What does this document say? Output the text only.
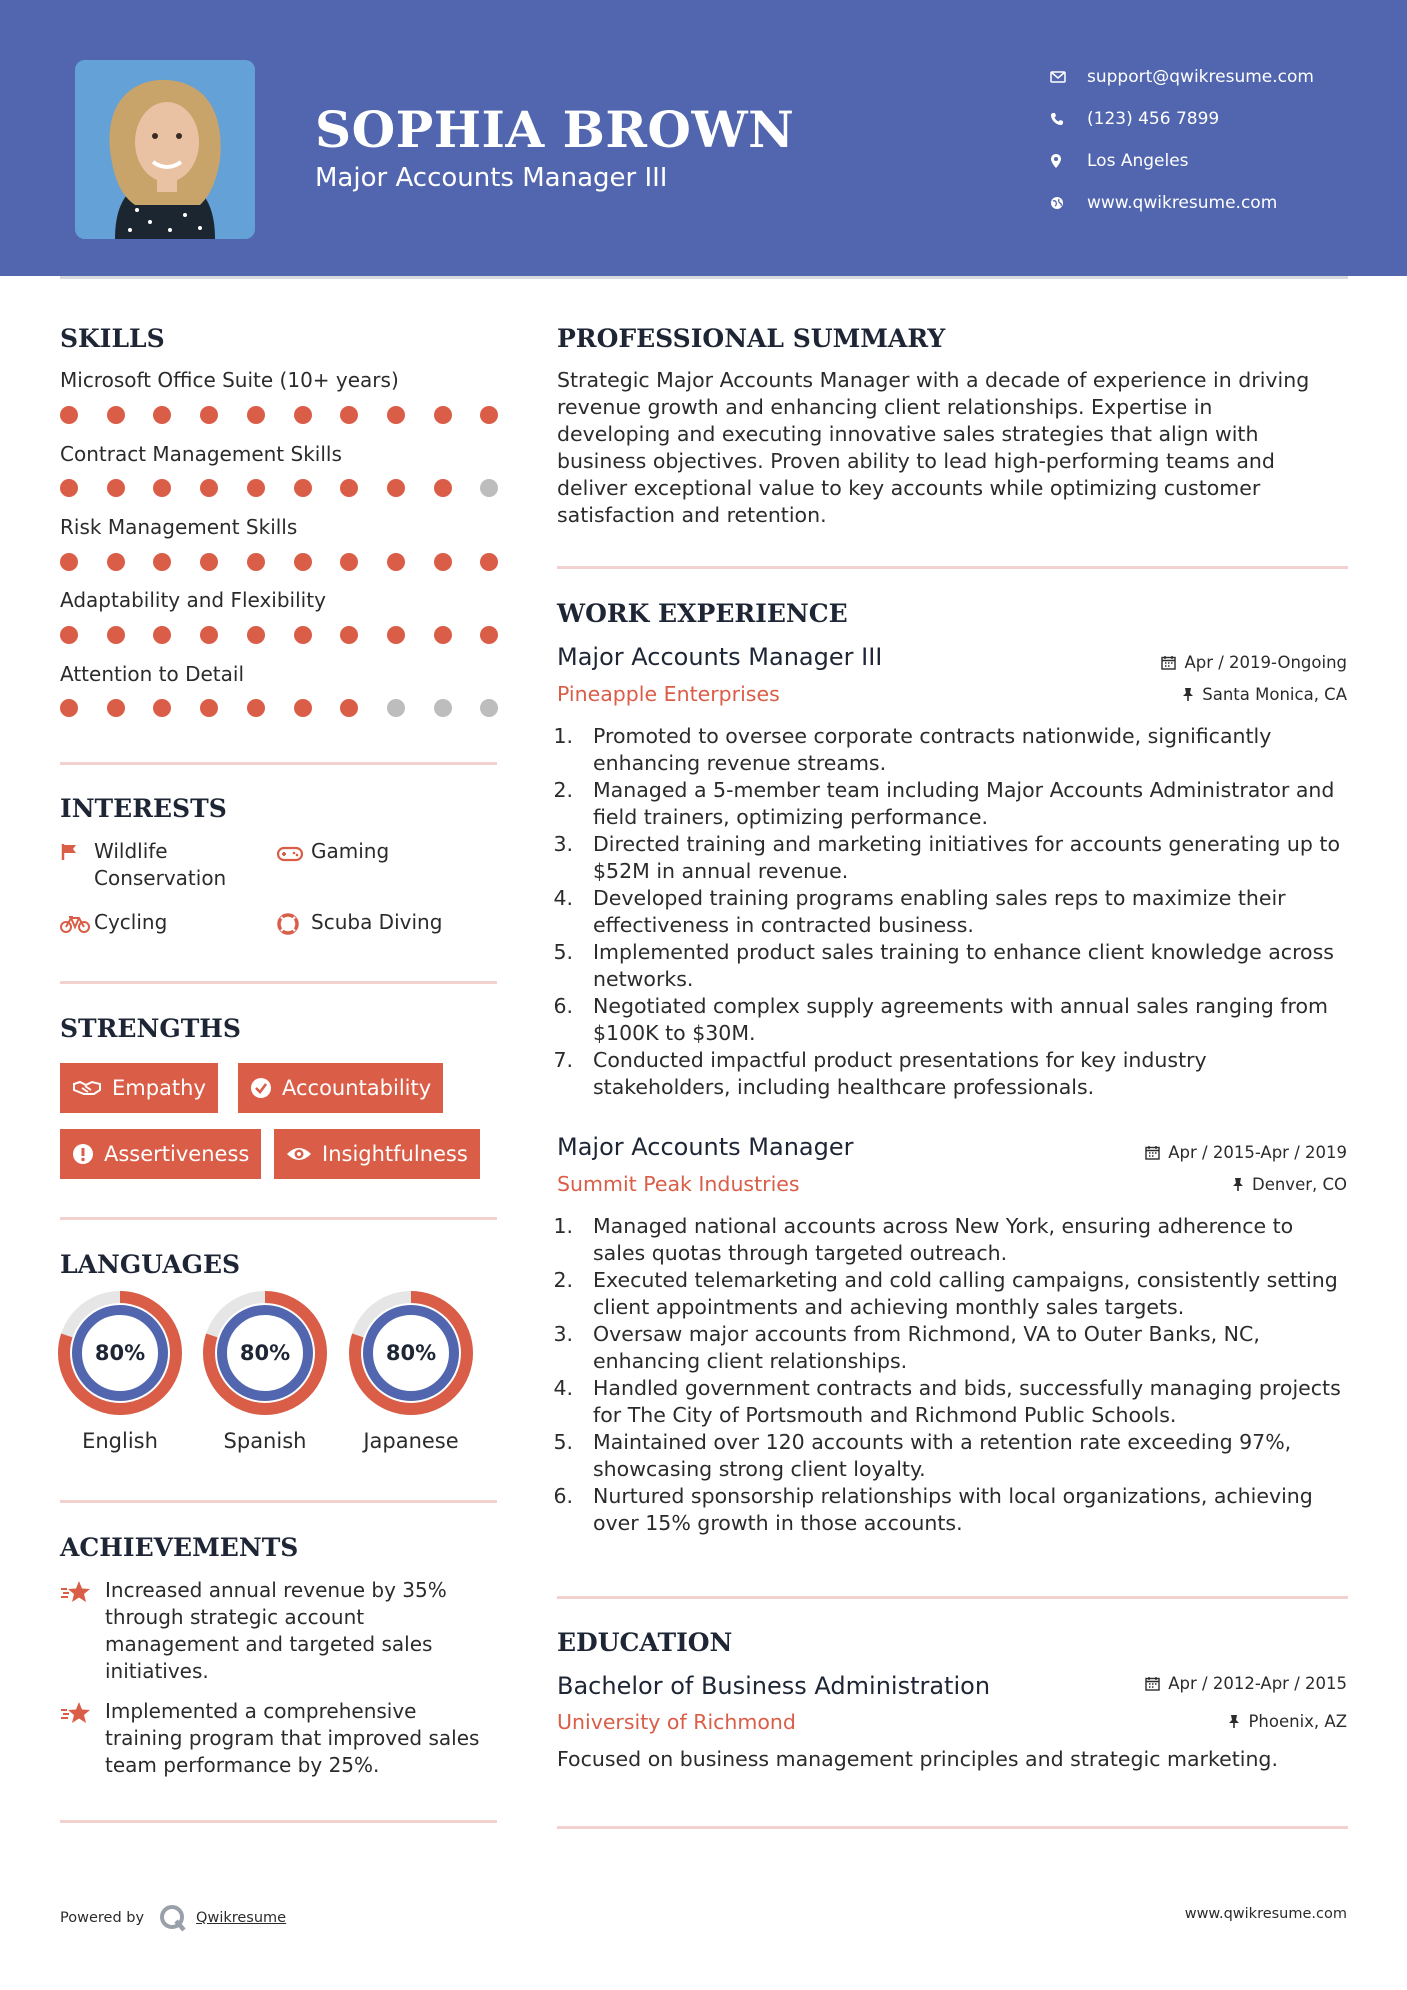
SOPHIA BROWN
Major Accounts Manager III
support@qwikresume.com
(123) 456 7899
Los Angeles
www.qwikresume.com
SKILLS
Microsoft Office Suite (10+ years)
Contract Management Skills
Risk Management Skills
Adaptability and Flexibility
Attention to Detail
INTERESTS
Wildlife
Conservation
Gaming
Cycling	Scuba Diving
STRENGTHS
Empathy	Accountability
Assertiveness	Insightfulness
LANGUAGES
80%
English
80%
Spanish
80%
Japanese
ACHIEVEMENTS
Increased annual revenue by 35%
through strategic account
management and targeted sales
initiatives.
Implemented a comprehensive
training program that improved sales
team performance by 25%.
PROFESSIONAL SUMMARY
Strategic Major Accounts Manager with a decade of experience in driving
revenue growth and enhancing client relationships. Expertise in
developing and executing innovative sales strategies that align with
business objectives. Proven ability to lead high-performing teams and
deliver exceptional value to key accounts while optimizing customer
satisfaction and retention.
WORK EXPERIENCE
Major Accounts Manager III	Apr / 2019-Ongoing
Pineapple Enterprises	Santa Monica, CA
1. Promoted to oversee corporate contracts nationwide, significantly
enhancing revenue streams.
2. Managed a 5-member team including Major Accounts Administrator and
field trainers, optimizing performance.
3. Directed training and marketing initiatives for accounts generating up to
$52M in annual revenue.
4. Developed training programs enabling sales reps to maximize their
effectiveness in contracted business.
5. Implemented product sales training to enhance client knowledge across
networks.
6. Negotiated complex supply agreements with annual sales ranging from
$100K to $30M.
7. Conducted impactful product presentations for key industry
stakeholders, including healthcare professionals.
Major Accounts Manager	Apr / 2015-Apr / 2019
Summit Peak Industries	Denver, CO
1. Managed national accounts across New York, ensuring adherence to
sales quotas through targeted outreach.
2. Executed telemarketing and cold calling campaigns, consistently setting
client appointments and achieving monthly sales targets.
3. Oversaw major accounts from Richmond, VA to Outer Banks, NC,
enhancing client relationships.
4. Handled government contracts and bids, successfully managing projects
for The City of Portsmouth and Richmond Public Schools.
5. Maintained over 120 accounts with a retention rate exceeding 97%,
showcasing strong client loyalty.
6. Nurtured sponsorship relationships with local organizations, achieving
over 15% growth in those accounts.
EDUCATION
Bachelor of Business Administration	Apr / 2012-Apr / 2015
University of Richmond	Phoenix, AZ
Focused on business management principles and strategic marketing.
Powered by	Qwikresume	www.qwikresume.com
